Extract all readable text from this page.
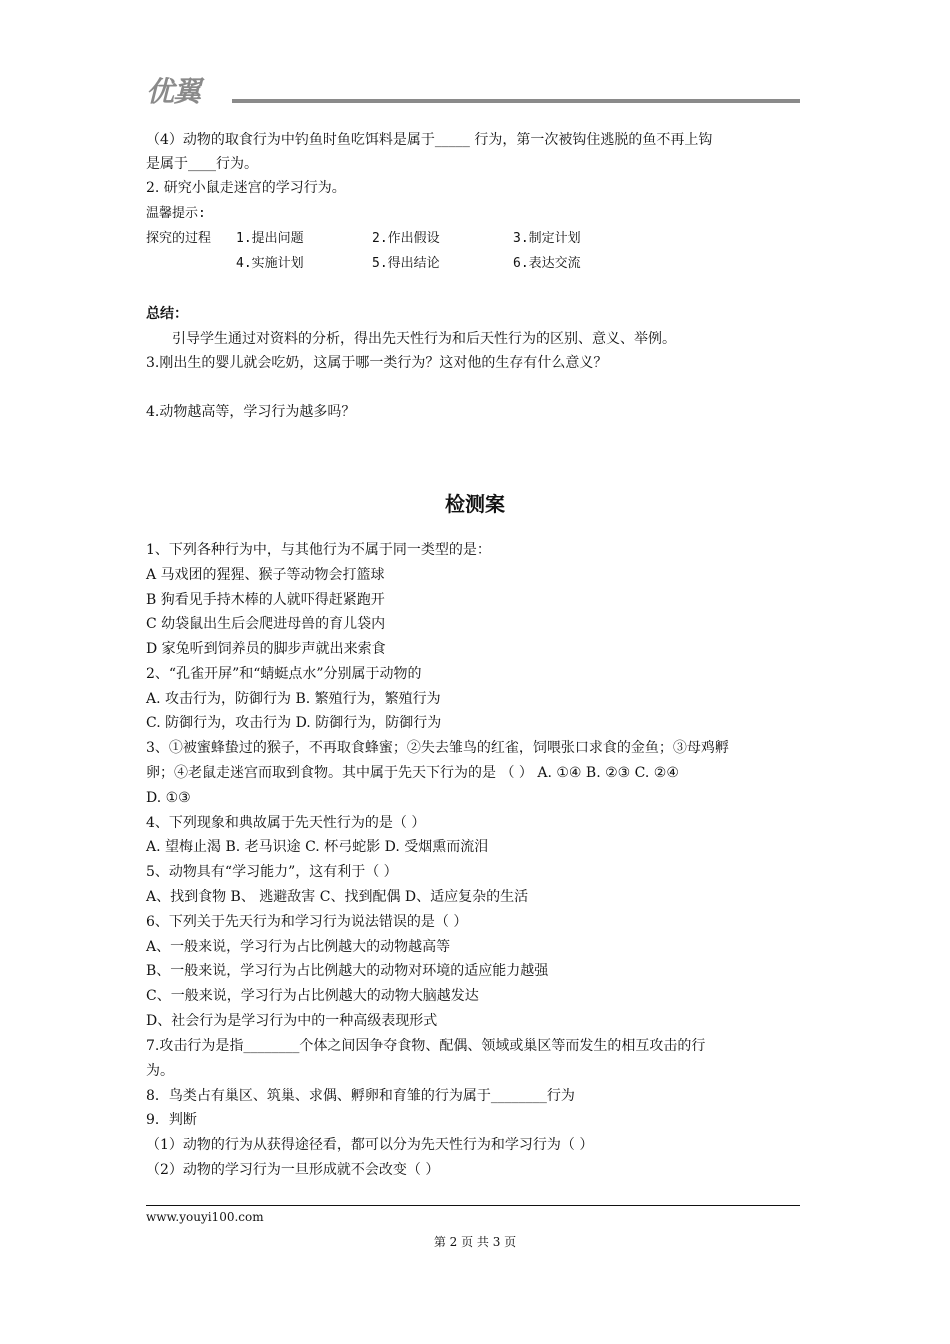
优翼
（4）动物的取食行为中钓鱼时鱼吃饵料是属于_____ 行为，第一次被钩住逃脱的鱼不再上钩
是属于____行为。
2. 研究小鼠走迷宫的学习行为。
温馨提示:
探究的过程 1.提出问题	2.作出假设	3.制定计划
4.实施计划	5.得出结论	6.表达交流
总结：
引导学生通过对资料的分析，得出先天性行为和后天性行为的区别、意义、举例。
3.刚出生的婴儿就会吃奶，这属于哪一类行为？这对他的生存有什么意义？
4.动物越高等，学习行为越多吗？
检测案
1、下列各种行为中，与其他行为不属于同一类型的是：
A 马戏团的猩猩、猴子等动物会打篮球
B 狗看见手持木棒的人就吓得赶紧跑开
C 幼袋鼠出生后会爬进母兽的育儿袋内
D 家兔听到饲养员的脚步声就出来索食
2、“孔雀开屏”和“蜻蜓点水”分别属于动物的
A. 攻击行为，防御行为 B. 繁殖行为，繁殖行为
C. 防御行为，攻击行为 D. 防御行为，防御行为
3、①被蜜蜂蛰过的猴子，不再取食蜂蜜；②失去雏鸟的红雀，饲喂张口求食的金鱼；③母鸡孵
卵；④老鼠走迷宫而取到食物。其中属于先天下行为的是 （ ） A. ①④ B. ②③ C. ②④
D. ①③
4、下列现象和典故属于先天性行为的是（ ）
A. 望梅止渴 B. 老马识途 C. 杯弓蛇影 D. 受烟熏而流泪
5、动物具有“学习能力”，这有利于（ ）
A、找到食物 B、 逃避敌害 C、找到配偶 D、适应复杂的生活
6、下列关于先天行为和学习行为说法错误的是（ ）
A、一般来说，学习行为占比例越大的动物越高等
B、一般来说，学习行为占比例越大的动物对环境的适应能力越强
C、一般来说，学习行为占比例越大的动物大脑越发达
D、社会行为是学习行为中的一种高级表现形式
7.攻击行为是指________个体之间因争夺食物、配偶、领域或巢区等而发生的相互攻击的行
为。
8．鸟类占有巢区、筑巢、求偶、孵卵和育雏的行为属于________行为
9．判断
（1）动物的行为从获得途径看，都可以分为先天性行为和学习行为（ ）
（2）动物的学习行为一旦形成就不会改变（ ）
www.youyi100.com
第 2 页 共 3 页
